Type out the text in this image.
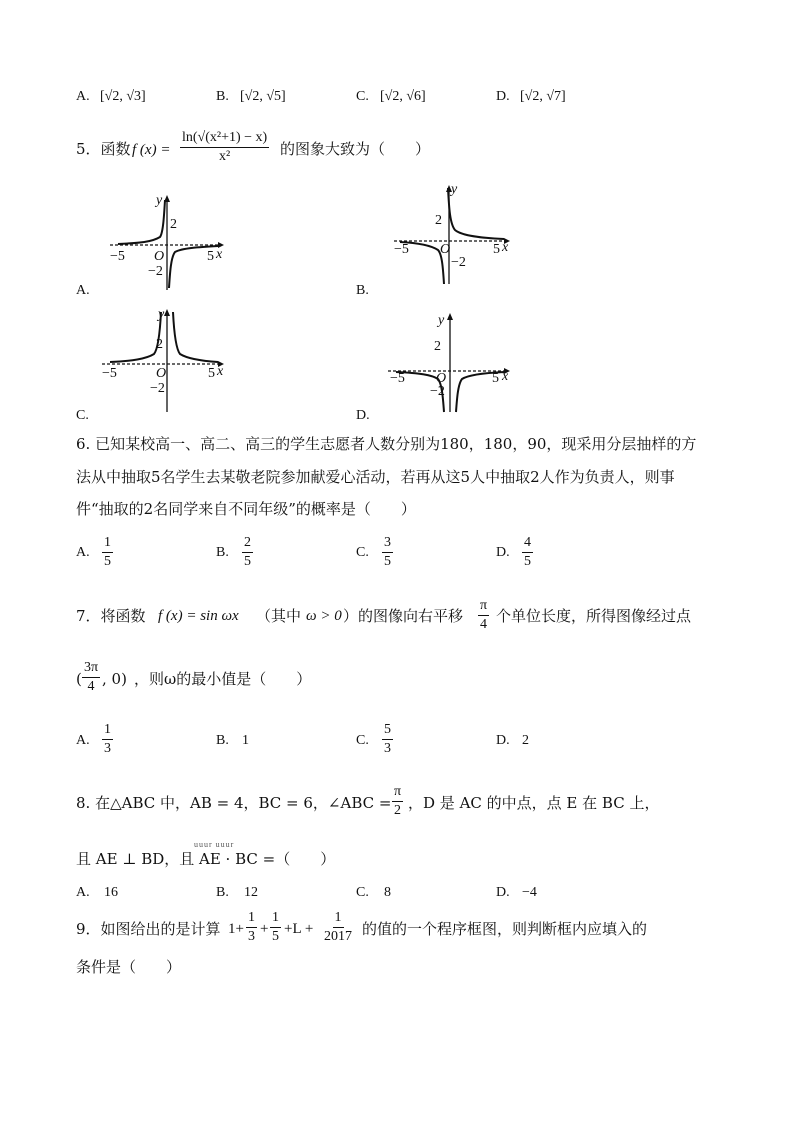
A. [√2, √3]	B. [√2, √5]	C. [√2, √6]	D. [√2, √7]
5．函数 f $(x) = \frac{\text{ln(√(x²+1) − x)}}{\text{x²}}$ 的图象大致为（　　）
y
2
−5 O
−2
5 x
A.
y
2
−5 O
−2
5 x
B.
y
2
−5	O
−2
5 x
C.
y
2
−5 O
−2
5 x
D.
6. 已知某校高一、高二、高三的学生志愿者人数分别为180，180，90，现采用分层抽样的方
法从中抽取5名学生去某敬老院参加献爱心活动，若再从这5人中抽取2人作为负责人，则事
件“抽取的2名同学来自不同年级”的概率是（　　）
A. $\frac{1}{5}$	B. $\frac{2}{5}$	C. $\frac{3}{5}$	D. $\frac{4}{5}$
7．将函数 f (x) = sin ωx （其中 ω > 0 ）的图像向右平移 $\frac{\pi}{4}$ 个单位长度，所得图像经过点
( $\frac{3\pi}{4}$ , 0) ，则ω的最小值是（　　）
A. $\frac{1}{3}$	B. 1	C. $\frac{5}{3}$	D. 2
8. 在△ABC 中，AB = 4，BC = 6，∠ABC = $\frac{\pi}{2}$ ，D 是 AC 的中点，点 E 在 BC 上，
uuur uuur
且 AE ⊥ BD，且 AE · BC =（　　）
A. 16	B. 12	C. 8	D. −4
9．如图给出的是计算 $1+ \frac{1}{3} + \frac{1}{5} +L + \frac{1}{2017}$ 的值的一个程序框图，则判断框内应填入的
条件是（　　）
